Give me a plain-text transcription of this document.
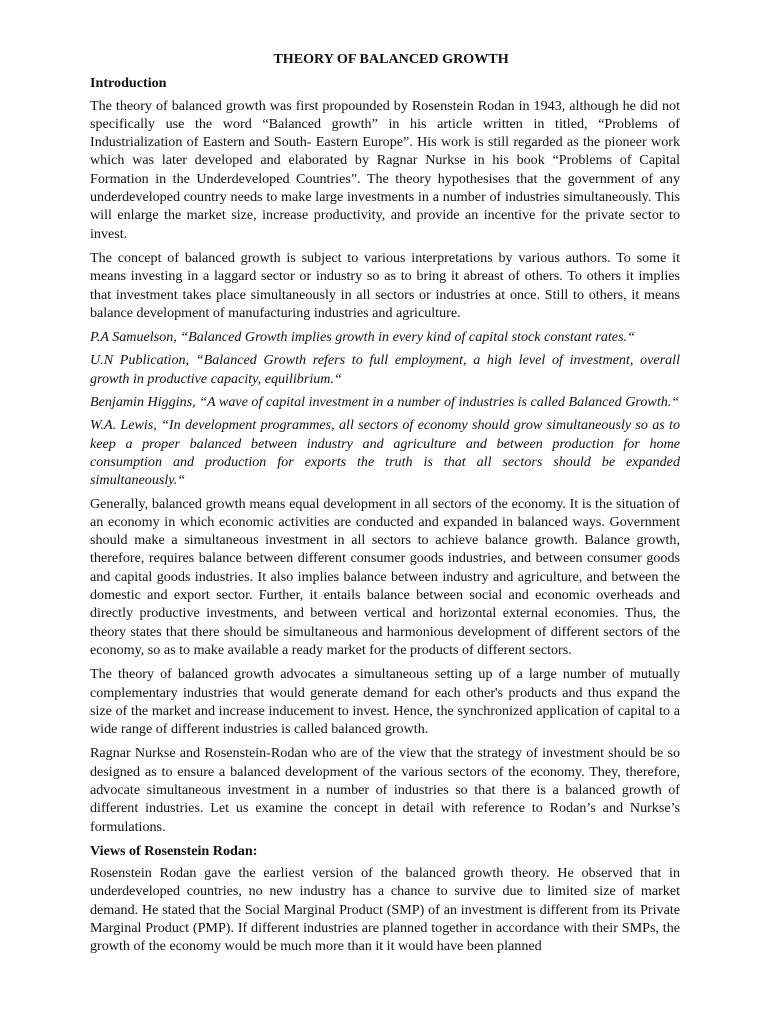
THEORY OF BALANCED GROWTH
Introduction

The theory of balanced growth was first propounded by Rosenstein Rodan in 1943, although he did not specifically use the word “Balanced growth” in his article written in titled, “Problems of Industrialization of Eastern and South- Eastern Europe”. His work is still regarded as the pioneer work which was later developed and elaborated by Ragnar Nurkse in his book “Problems of Capital Formation in the Underdeveloped Countries”. The theory hypothesises that the government of any underdeveloped country needs to make large investments in a number of industries simultaneously. This will enlarge the market size, increase productivity, and provide an incentive for the private sector to invest.

The concept of balanced growth is subject to various interpretations by various authors. To some it means investing in a laggard sector or industry so as to bring it abreast of others. To others it implies that investment takes place simultaneously in all sectors or industries at once. Still to others, it means balance development of manufacturing industries and agriculture.

P.A Samuelson, “Balanced Growth implies growth in every kind of capital stock constant rates.“

U.N Publication, “Balanced Growth refers to full employment, a high level of investment, overall growth in productive capacity, equilibrium.“

Benjamin Higgins, “A wave of capital investment in a number of industries is called Balanced Growth.“

W.A. Lewis, “In development programmes, all sectors of economy should grow simultaneously so as to keep a proper balanced between industry and agriculture and between production for home consumption and production for exports the truth is that all sectors should be expanded simultaneously.“

Generally, balanced growth means equal development in all sectors of the economy. It is the situation of an economy in which economic activities are conducted and expanded in balanced ways. Government should make a simultaneous investment in all sectors to achieve balance growth. Balance growth, therefore, requires balance between different consumer goods industries, and between consumer goods and capital goods industries. It also implies balance between industry and agriculture, and between the domestic and export sector. Further, it entails balance between social and economic overheads and directly productive investments, and between vertical and horizontal external economies. Thus, the theory states that there should be simultaneous and harmonious development of different sectors of the economy, so as to make available a ready market for the products of different sectors.

The theory of balanced growth advocates a simultaneous setting up of a large number of mutually complementary industries that would generate demand for each other's products and thus expand the size of the market and increase inducement to invest. Hence, the synchronized application of capital to a wide range of different industries is called balanced growth.

Ragnar Nurkse and Rosenstein-Rodan who are of the view that the strategy of investment should be so designed as to ensure a balanced development of the various sectors of the economy. They, therefore, advocate simultaneous investment in a number of industries so that there is a balanced growth of different industries. Let us examine the concept in detail with reference to Rodan’s and Nurkse’s formulations.

Views of Rosenstein Rodan:

Rosenstein Rodan gave the earliest version of the balanced growth theory. He observed that in underdeveloped countries, no new industry has a chance to survive due to limited size of market demand. He stated that the Social Marginal Product (SMP) of an investment is different from its Private Marginal Product (PMP). If different industries are planned together in accordance with their SMPs, the growth of the economy would be much more than it it would have been planned
